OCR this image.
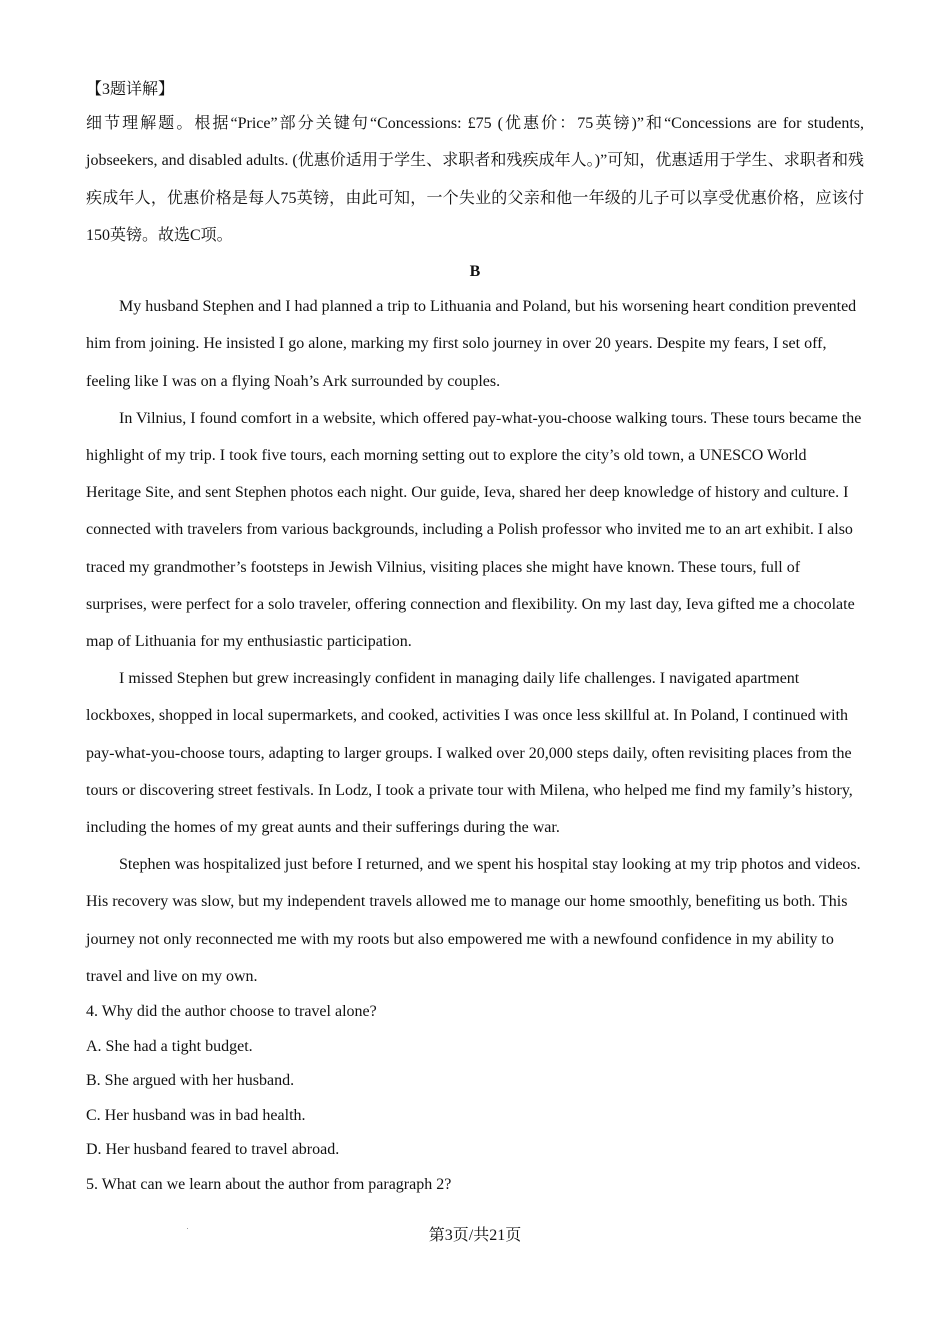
【3题详解】

细节理解题。根据“Price”部分关键句“Concessions: £75 (优惠价：75英镑)”和“Concessions are for students, jobseekers, and disabled adults. (优惠价适用于学生、求职者和残疾成年人。)”可知，优惠适用于学生、求职者和残疾成年人，优惠价格是每人75英镑，由此可知，一个失业的父亲和他一年级的儿子可以享受优惠价格，应该付150英镑。故选C项。

B

My husband Stephen and I had planned a trip to Lithuania and Poland, but his worsening heart condition prevented him from joining. He insisted I go alone, marking my first solo journey in over 20 years. Despite my fears, I set off, feeling like I was on a flying Noah’s Ark surrounded by couples.

In Vilnius, I found comfort in a website, which offered pay-what-you-choose walking tours. These tours became the highlight of my trip. I took five tours, each morning setting out to explore the city’s old town, a UNESCO World Heritage Site, and sent Stephen photos each night. Our guide, Ieva, shared her deep knowledge of history and culture. I connected with travelers from various backgrounds, including a Polish professor who invited me to an art exhibit. I also traced my grandmother’s footsteps in Jewish Vilnius, visiting places she might have known. These tours, full of surprises, were perfect for a solo traveler, offering connection and flexibility. On my last day, Ieva gifted me a chocolate map of Lithuania for my enthusiastic participation.

I missed Stephen but grew increasingly confident in managing daily life challenges. I navigated apartment lockboxes, shopped in local supermarkets, and cooked, activities I was once less skillful at. In Poland, I continued with pay-what-you-choose tours, adapting to larger groups. I walked over 20,000 steps daily, often revisiting places from the tours or discovering street festivals. In Lodz, I took a private tour with Milena, who helped me find my family’s history, including the homes of my great aunts and their sufferings during the war.

Stephen was hospitalized just before I returned, and we spent his hospital stay looking at my trip photos and videos. His recovery was slow, but my independent travels allowed me to manage our home smoothly, benefiting us both. This journey not only reconnected me with my roots but also empowered me with a newfound confidence in my ability to travel and live on my own.

4. Why did the author choose to travel alone?

A. She had a tight budget.

B. She argued with her husband.

C. Her husband was in bad health.

D. Her husband feared to travel abroad.

5. What can we learn about the author from paragraph 2?

第3页/共21页
